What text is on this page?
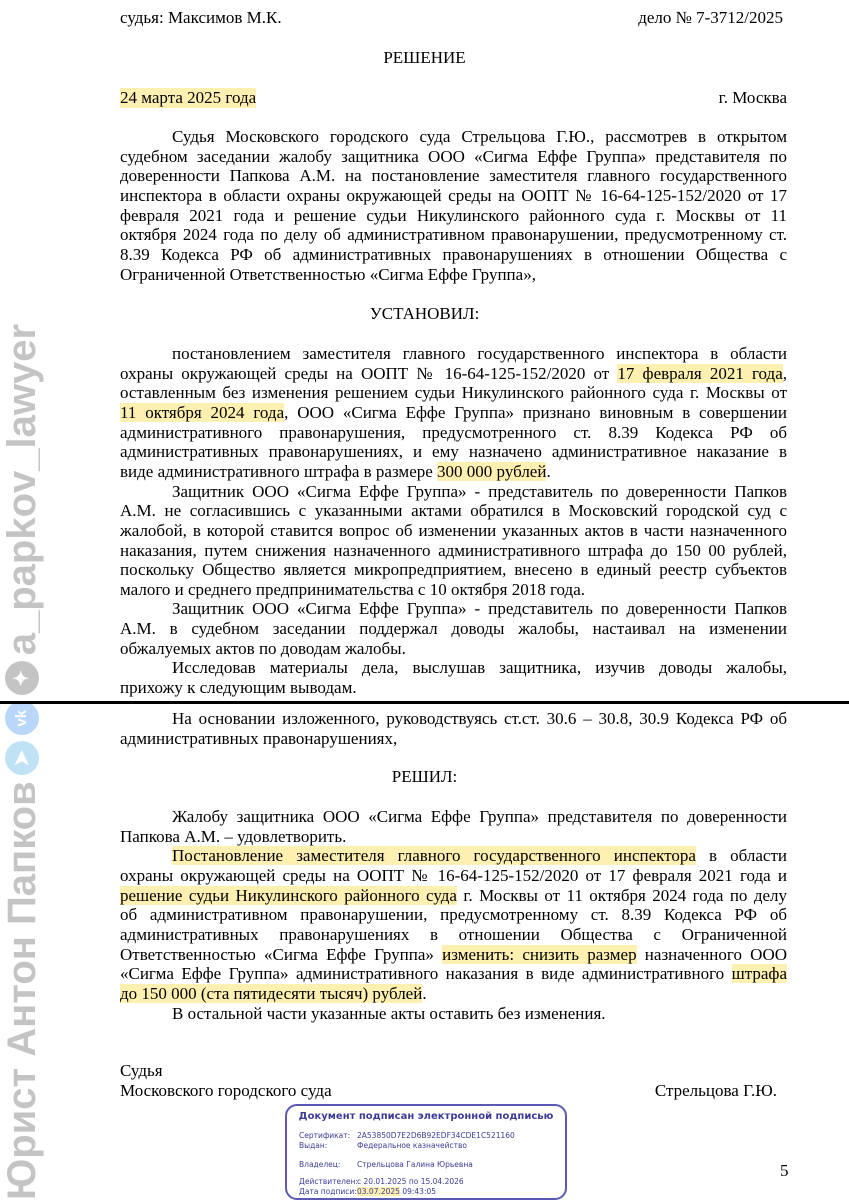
Юрист Антон Папков
➤
vk
✦
a_papkov_lawyer
судья: Максимов М.К.	дело № 7-3712/2025
РЕШЕНИЕ
24 марта 2025 года	г. Москва
УСТАНОВИЛ:
РЕШИЛ:
Судья Московского городского суда Стрельцова Г.Ю., рассмотрев в открытом
судебном заседании жалобу защитника ООО «Сигма Еффе Группа» представителя по
доверенности Папкова А.М. на постановление заместителя главного государственного
инспектора в области охраны окружающей среды на ООПТ № 16-64-125-152/2020 от 17
февраля 2021 года и решение судьи Никулинского районного суда г. Москвы от 11
октября 2024 года по делу об административном правонарушении, предусмотренному ст.
8.39 Кодекса РФ об административных правонарушениях в отношении Общества с
Ограниченной Ответственностью «Сигма Еффе Группа»,
постановлением заместителя главного государственного инспектора в области
охраны окружающей среды на ООПТ № 16-64-125-152/2020 от 17 февраля 2021 года,
оставленным без изменения решением судьи Никулинского районного суда г. Москвы от
11 октября 2024 года, ООО «Сигма Еффе Группа» признано виновным в совершении
административного правонарушения, предусмотренного ст. 8.39 Кодекса РФ об
административных правонарушениях, и ему назначено административное наказание в
виде административного штрафа в размере 300 000 рублей.
Защитник ООО «Сигма Еффе Группа» - представитель по доверенности Папков
А.М. не согласившись с указанными актами обратился в Московский городской суд с
жалобой, в которой ставится вопрос об изменении указанных актов в части назначенного
наказания, путем снижения назначенного административного штрафа до 150 00 рублей,
поскольку Общество является микропредприятием, внесено в единый реестр субъектов
малого и среднего предпринимательства с 10 октября 2018 года.
Защитник ООО «Сигма Еффе Группа» - представитель по доверенности Папков
А.М. в судебном заседании поддержал доводы жалобы, настаивал на изменении
обжалуемых актов по доводам жалобы.
Исследовав материалы дела, выслушав защитника, изучив доводы жалобы,
прихожу к следующим выводам.
На основании изложенного, руководствуясь ст.ст. 30.6 – 30.8, 30.9 Кодекса РФ об
административных правонарушениях,
Жалобу защитника ООО «Сигма Еффе Группа» представителя по доверенности
Папкова А.М. – удовлетворить.
Постановление заместителя главного государственного инспектора в области
охраны окружающей среды на ООПТ № 16-64-125-152/2020 от 17 февраля 2021 года и
решение судьи Никулинского районного суда г. Москвы от 11 октября 2024 года по делу
об административном правонарушении, предусмотренному ст. 8.39 Кодекса РФ об
административных правонарушениях в отношении Общества с Ограниченной
Ответственностью «Сигма Еффе Группа» изменить: снизить размер назначенного ООО
«Сигма Еффе Группа» административного наказания в виде административного штрафа
до 150 000 (ста пятидесяти тысяч) рублей.
В остальной части указанные акты оставить без изменения.
Судья
Московского городского суда	Стрельцова Г.Ю.
Документ подписан электронной подписью
Сертификат: 2A53850D7E2D6B92EDF34CDE1C521160
Выдан:	Федеральное казначейство
Владелец: Стрельцова Галина Юрьевна
Действителен: с 20.01.2025 по 15.04.2026
Дата подписи: 03.07.2025 09:43:05
5
